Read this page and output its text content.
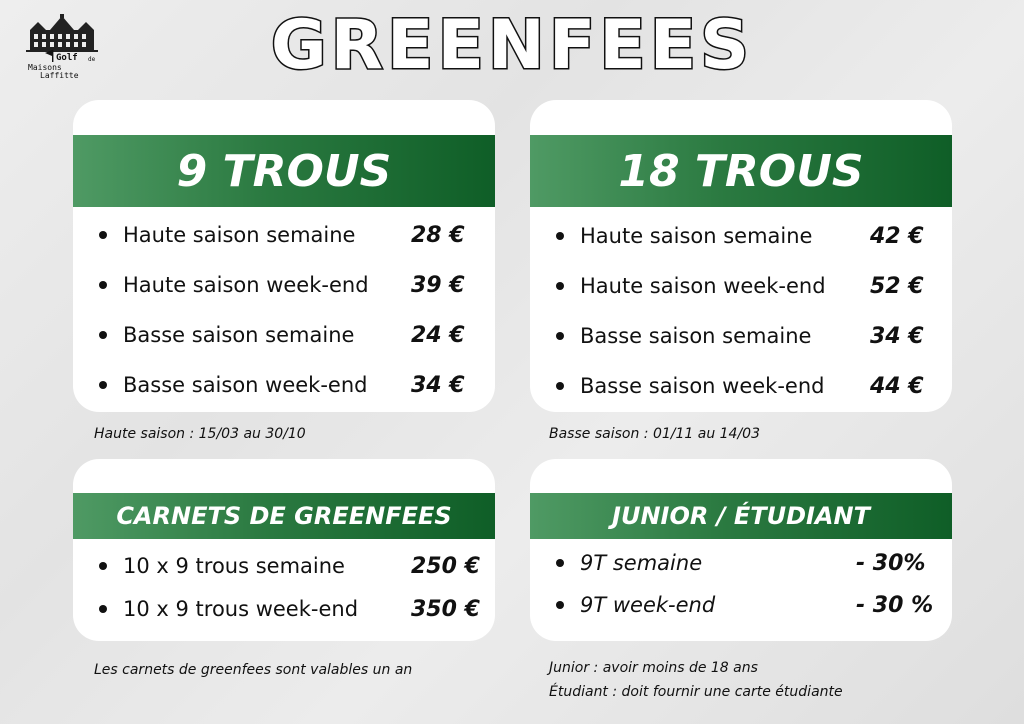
Golf de
Maisons
Laffitte	GREENFEES
9 TROUS
Haute saison semaine	28 €
Haute saison week-end 39 €
Basse saison semaine	24 €
Basse saison week-end 34 €
Haute saison : 15/03 au 30/10
18 TROUS
Haute saison semaine	42 €
Haute saison week-end 52 €
Basse saison semaine	34 €
Basse saison week-end 44 €
Basse saison : 01/11 au 14/03
CARNETS DE GREENFEES
10 x 9 trous semaine	250 €
10 x 9 trous week-end 350 €
Les carnets de greenfees sont valables un an
JUNIOR / ÉTUDIANT
9T semaine	- 30%
9T week-end	- 30 %
Junior : avoir moins de 18 ans
Étudiant : doit fournir une carte étudiante
